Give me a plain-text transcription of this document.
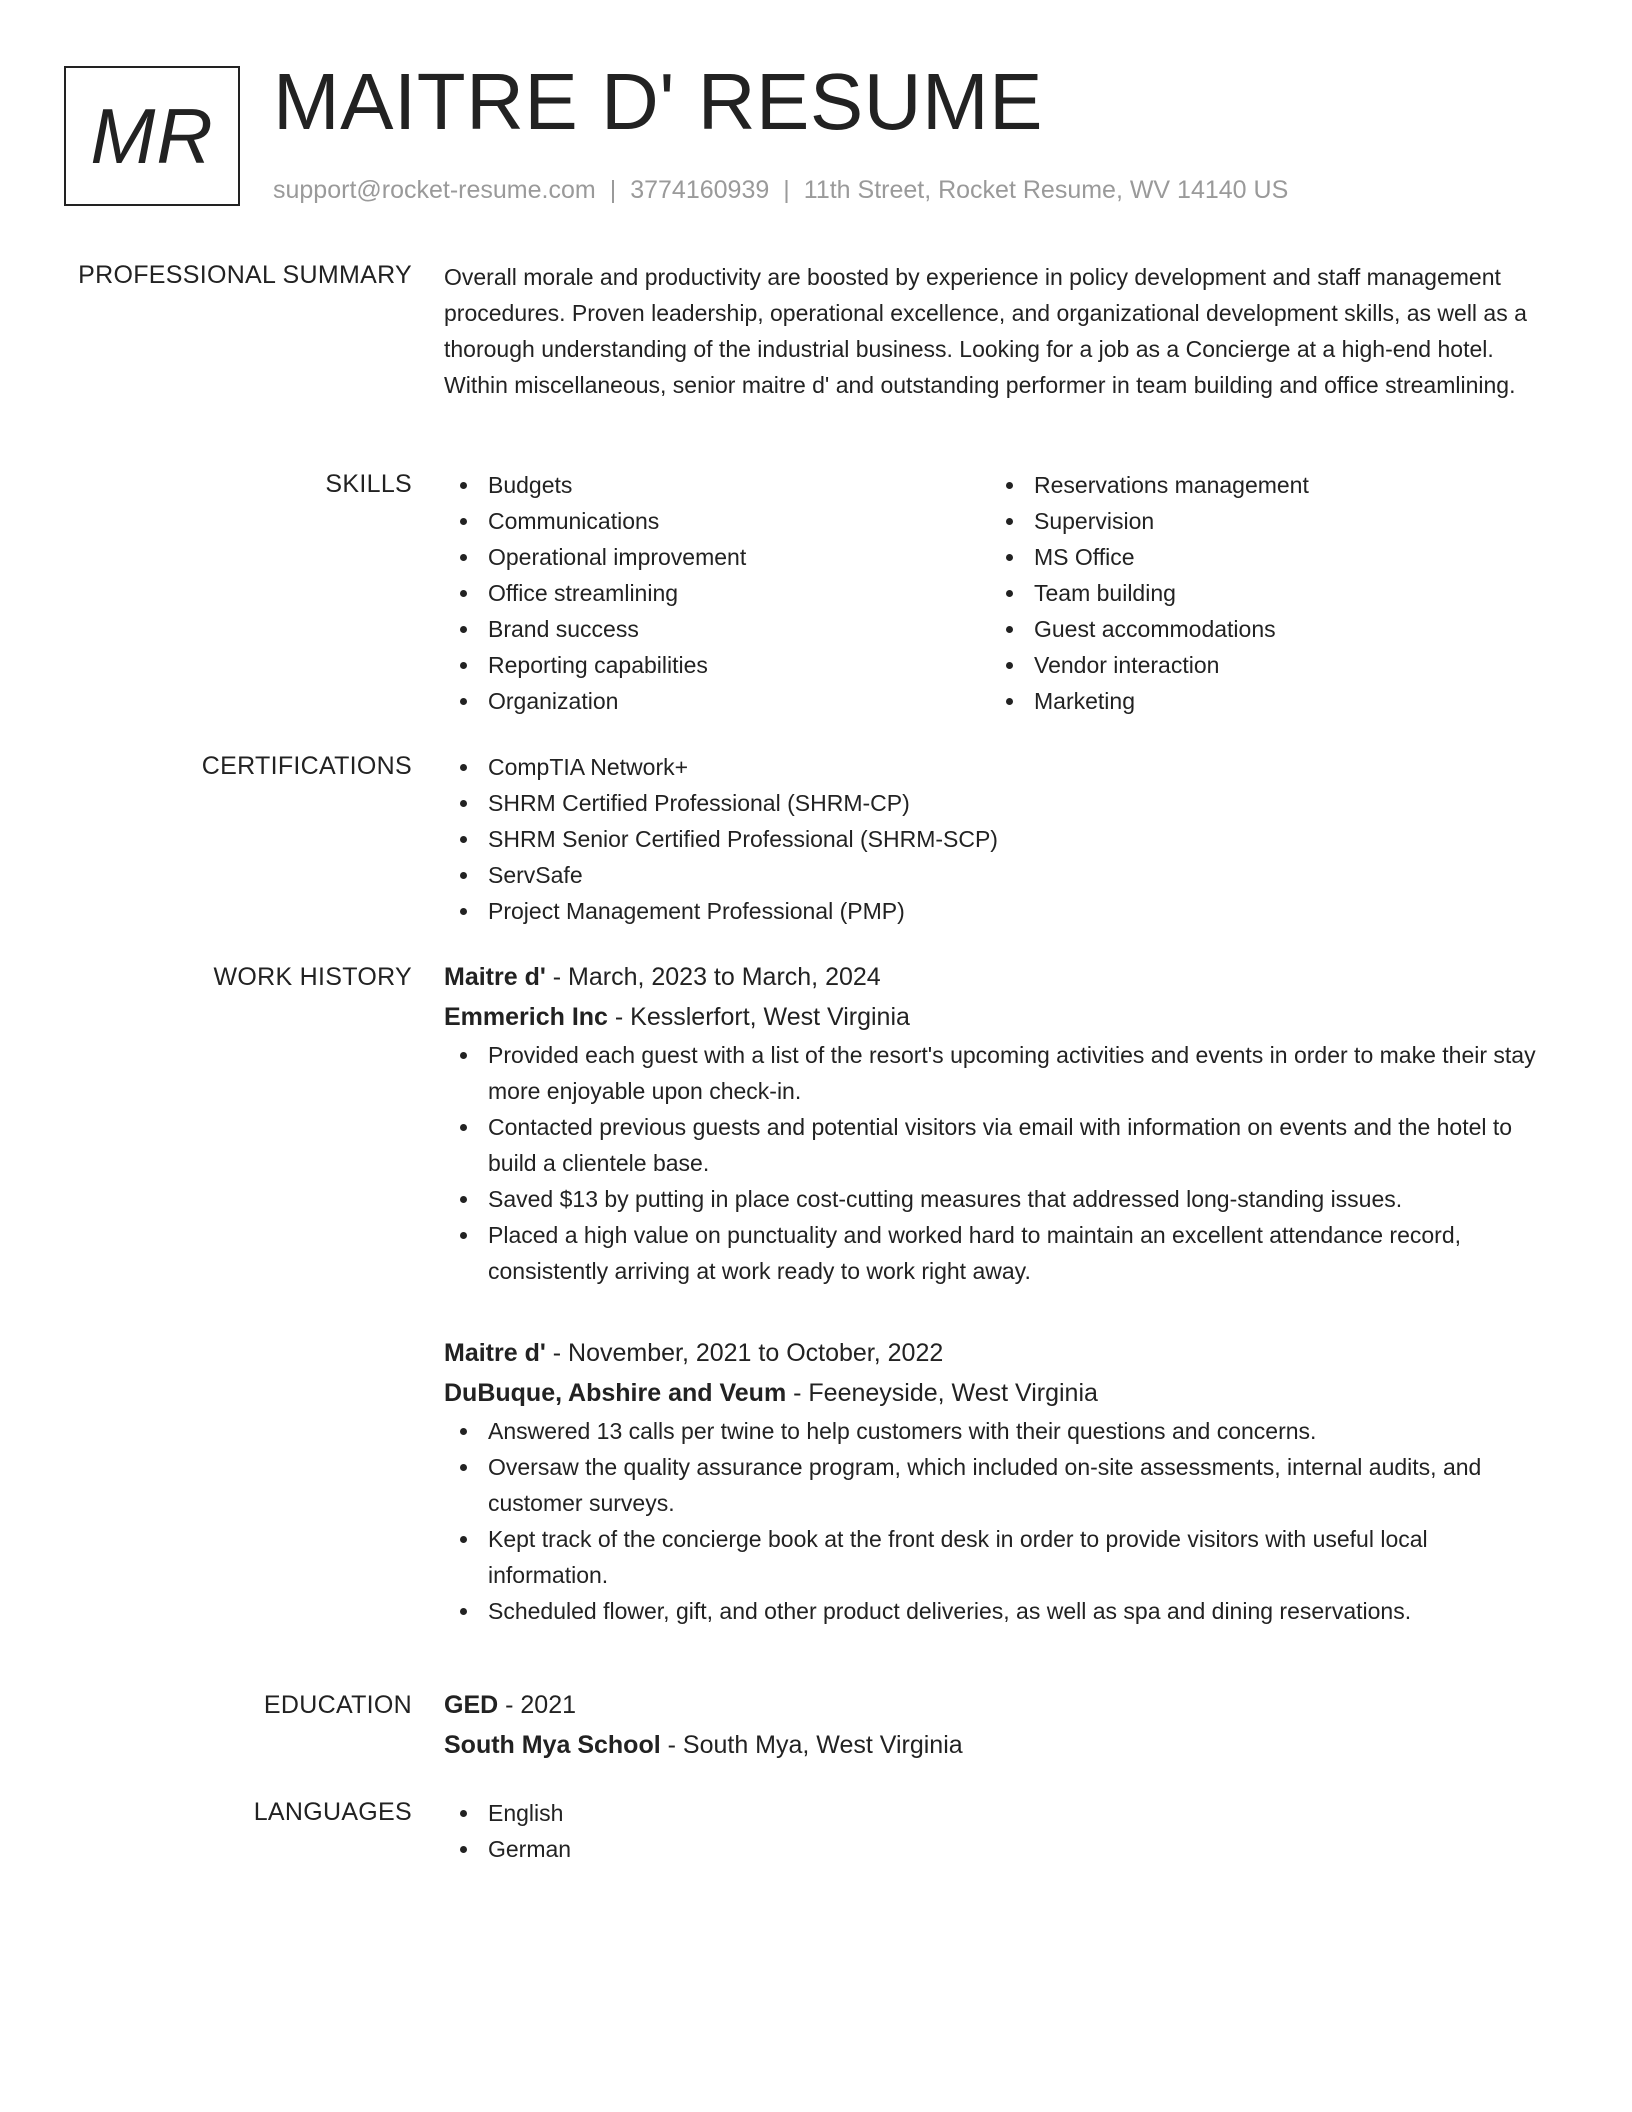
MR MAITRE D' RESUME
support@rocket-resume.com | 3774160939 | 11th Street, Rocket Resume, WV 14140 US
PROFESSIONAL SUMMARY Overall morale and productivity are boosted by experience in policy development and staff management procedures. Proven leadership, operational excellence, and organizational development skills, as well as a thorough understanding of the industrial business. Looking for a job as a Concierge at a high-end hotel. Within miscellaneous, senior maitre d' and outstanding performer in team building and office streamlining.

SKILLS	Budgets
Communications
Operational improvement
Office streamlining
Brand success
Reporting capabilities
Organization
Reservations management
Supervision
MS Office
Team building
Guest accommodations
Vendor interaction
Marketing
CERTIFICATIONS	CompTIA Network+
SHRM Certified Professional (SHRM-CP)
SHRM Senior Certified Professional (SHRM-SCP)
ServSafe
Project Management Professional (PMP)
WORK HISTORY Maitre d' - March, 2023 to March, 2024

Emmerich Inc - Kesslerfort, West Virginia

Provided each guest with a list of the resort's upcoming activities and events in order to make their stay more enjoyable upon check-in.
Contacted previous guests and potential visitors via email with information on events and the hotel to build a clientele base.
Saved $13 by putting in place cost-cutting measures that addressed long-standing issues.
Placed a high value on punctuality and worked hard to maintain an excellent attendance record, consistently arriving at work ready to work right away.

Maitre d' - November, 2021 to October, 2022

DuBuque, Abshire and Veum - Feeneyside, West Virginia

Answered 13 calls per twine to help customers with their questions and concerns.
Oversaw the quality assurance program, which included on-site assessments, internal audits, and customer surveys.
Kept track of the concierge book at the front desk in order to provide visitors with useful local information.
Scheduled flower, gift, and other product deliveries, as well as spa and dining reservations.
EDUCATION GED - 2021

South Mya School - South Mya, West Virginia

LANGUAGES	English
German
